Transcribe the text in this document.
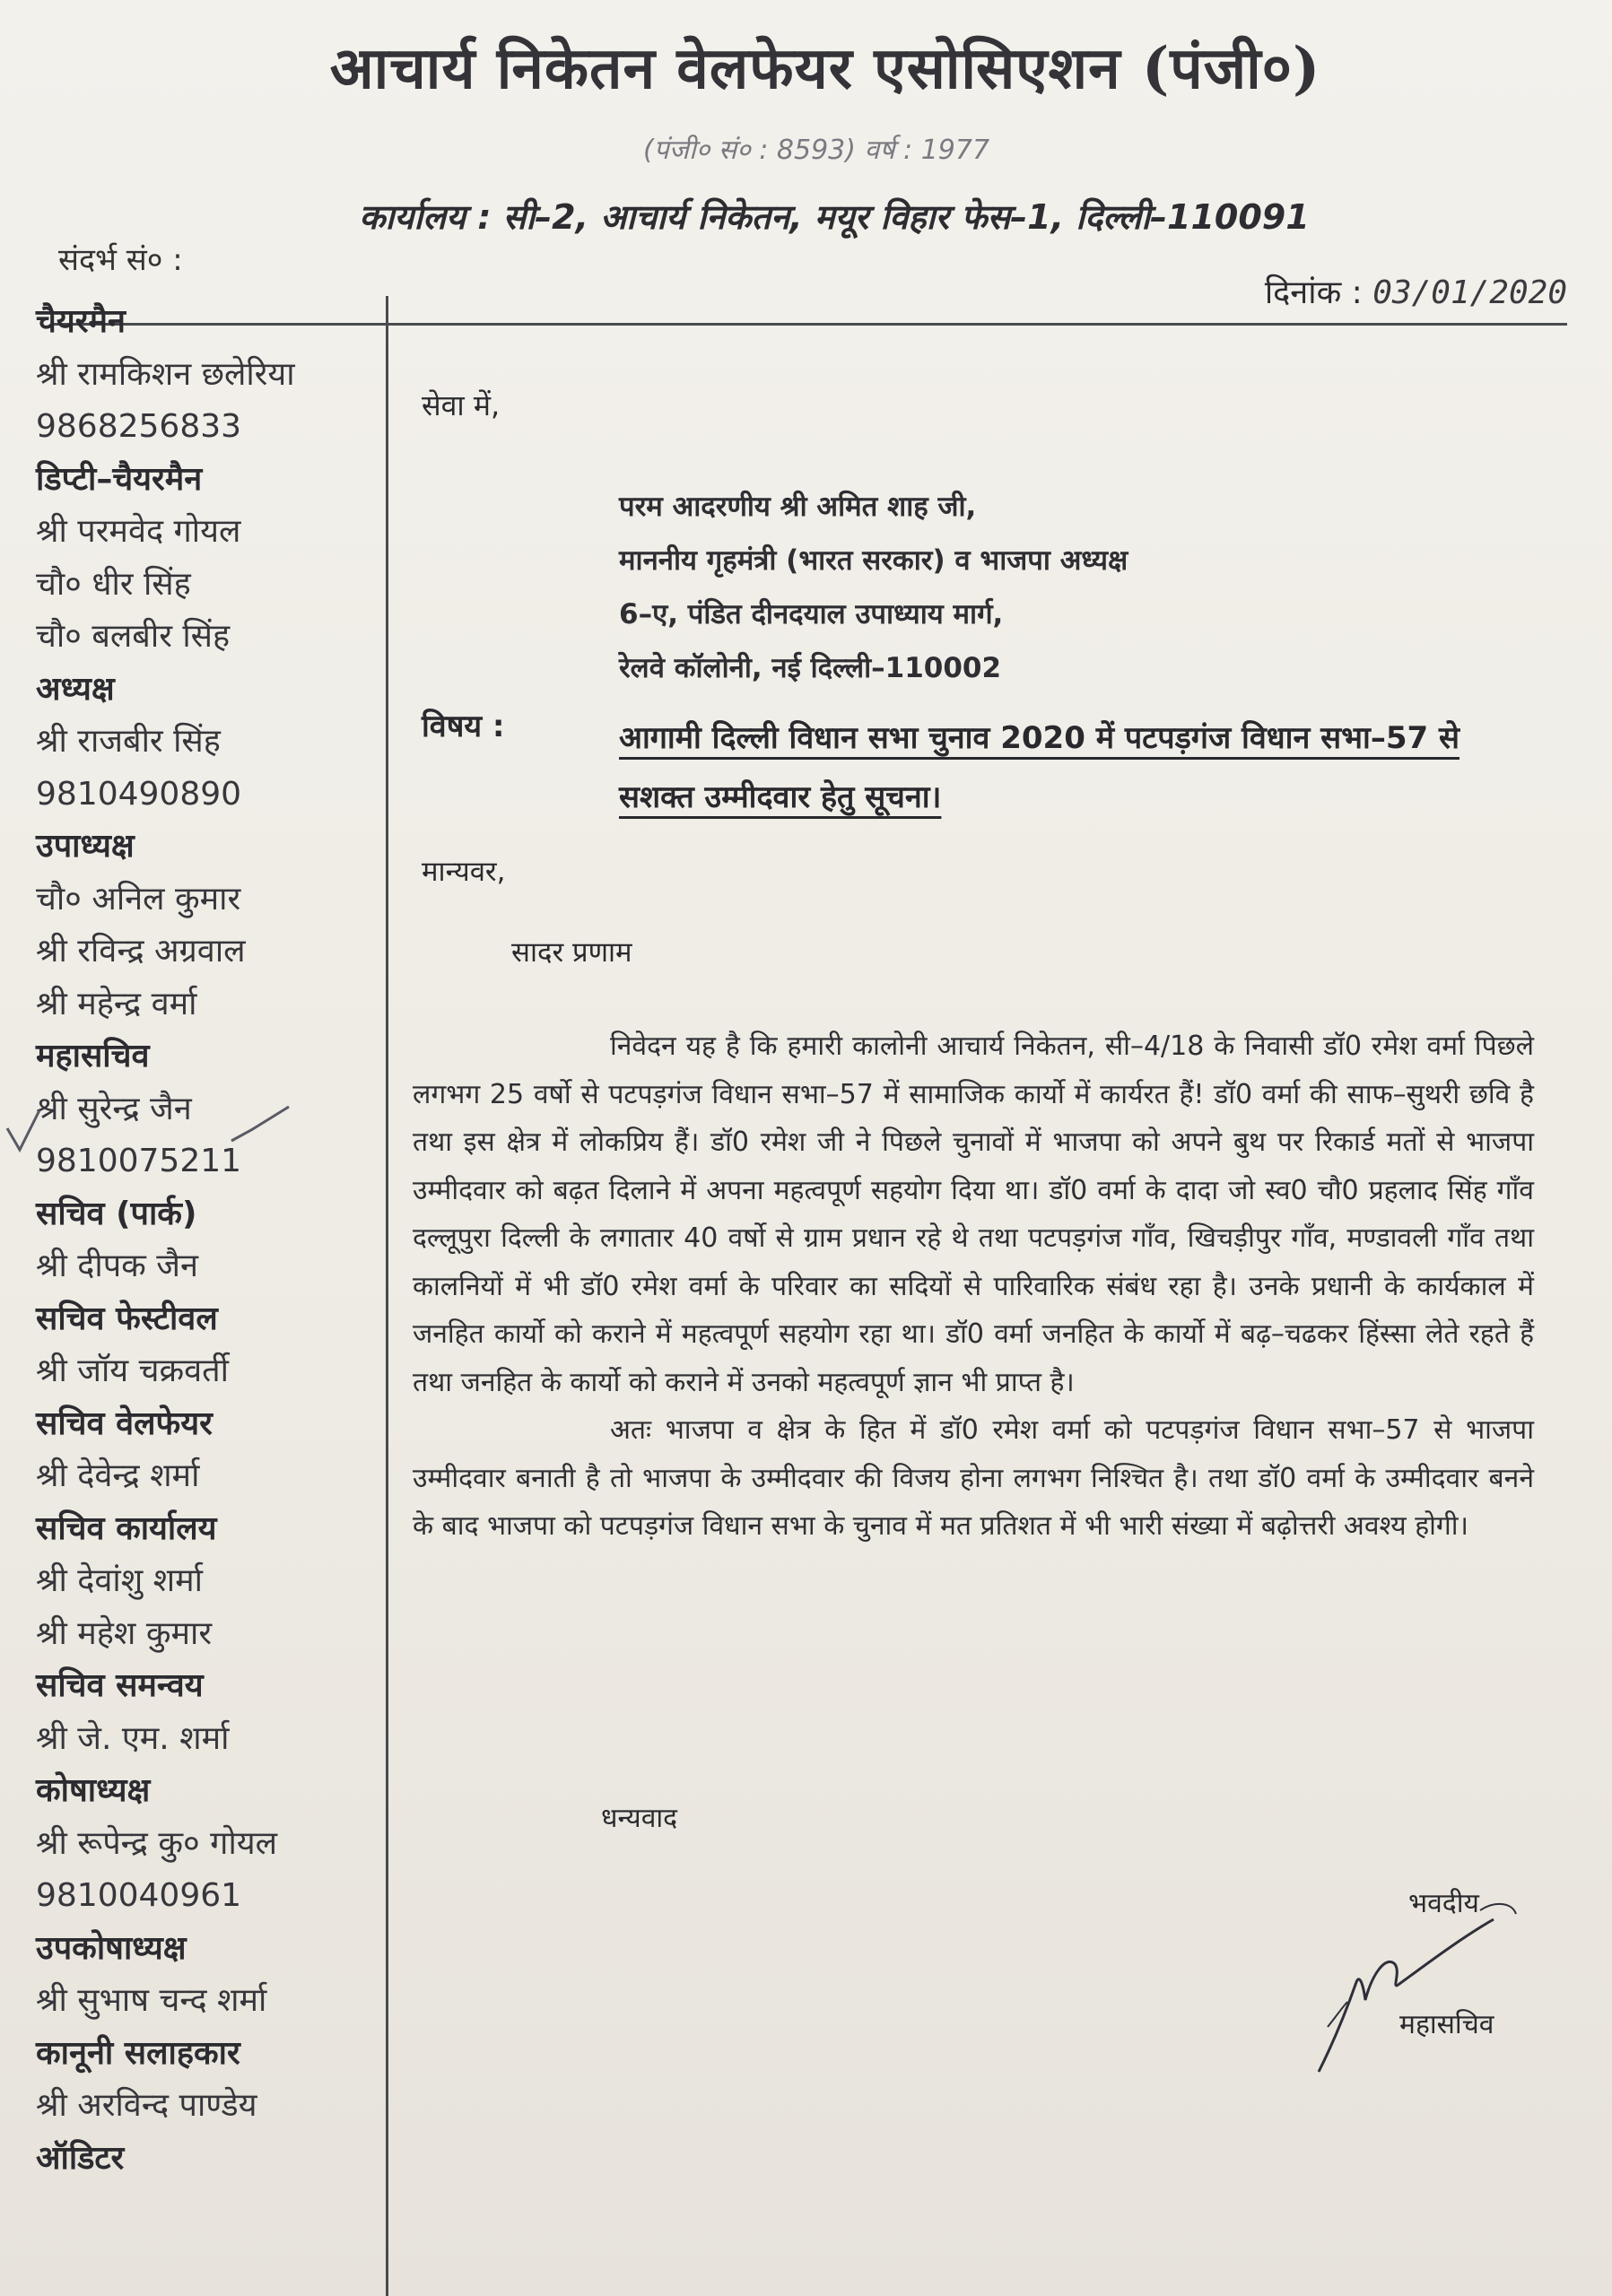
आचार्य निकेतन वेलफेयर एसोसिएशन (पंजी०)
(पंजी० सं० : 8593) वर्ष : 1977
कार्यालय : सी–2, आचार्य निकेतन, मयूर विहार फेस–1, दिल्ली–110091
संदर्भ सं० :
दिनांक : 03/01/2020
चैयरमैन
श्री रामकिशन छलेरिया
9868256833
डिप्टी–चैयरमैन
श्री परमवेद गोयल
चौ० धीर सिंह
चौ० बलबीर सिंह
अध्यक्ष
श्री राजबीर सिंह
9810490890
उपाध्यक्ष
चौ० अनिल कुमार
श्री रविन्द्र अग्रवाल
श्री महेन्द्र वर्मा
महासचिव
श्री सुरेन्द्र जैन
9810075211
सचिव (पार्क)
श्री दीपक जैन
सचिव फेस्टीवल
श्री जॉय चक्रवर्ती
सचिव वेलफेयर
श्री देवेन्द्र शर्मा
सचिव कार्यालय
श्री देवांशु शर्मा
श्री महेश कुमार
सचिव समन्वय
श्री जे. एम. शर्मा
कोषाध्यक्ष
श्री रूपेन्द्र कु० गोयल
9810040961
उपकोषाध्यक्ष
श्री सुभाष चन्द शर्मा
कानूनी सलाहकार
श्री अरविन्द पाण्डेय
ऑडिटर
सेवा में,
परम आदरणीय श्री अमित शाह जी,
माननीय गृहमंत्री (भारत सरकार) व भाजपा अध्यक्ष
6–ए, पंडित दीनदयाल उपाध्याय मार्ग,
रेलवे कॉलोनी, नई दिल्ली–110002
विषय :	आगामी दिल्ली विधान सभा चुनाव 2020 में पटपड़गंज विधान सभा–57 से सशक्त उम्मीदवार हेतु सूचना।
मान्यवर,
सादर प्रणाम

निवेदन यह है कि हमारी कालोनी आचार्य निकेतन, सी–4/18 के निवासी डॉ0 रमेश वर्मा पिछले लगभग 25 वर्षो से पटपड़गंज विधान सभा–57 में सामाजिक कार्यो में कार्यरत हैं! डॉ0 वर्मा की साफ–सुथरी छवि है तथा इस क्षेत्र में लोकप्रिय हैं। डॉ0 रमेश जी ने पिछले चुनावों में भाजपा को अपने बुथ पर रिकार्ड मतों से भाजपा उम्मीदवार को बढ़त दिलाने में अपना महत्वपूर्ण सहयोग दिया था। डॉ0 वर्मा के दादा जो स्व0 चौ0 प्रहलाद सिंह गाँव दल्लूपुरा दिल्ली के लगातार 40 वर्षो से ग्राम प्रधान रहे थे तथा पटपड़गंज गाँव, खिचड़ीपुर गाँव, मण्डावली गाँव तथा कालनियों में भी डॉ0 रमेश वर्मा के परिवार का सदियों से पारिवारिक संबंध रहा है। उनके प्रधानी के कार्यकाल में जनहित कार्यो को कराने में महत्वपूर्ण सहयोग रहा था। डॉ0 वर्मा जनहित के कार्यो में बढ़–चढकर हिंस्सा लेते रहते हैं तथा जनहित के कार्यो को कराने में उनको महत्वपूर्ण ज्ञान भी प्राप्त है।

अतः भाजपा व क्षेत्र के हित में डॉ0 रमेश वर्मा को पटपड़गंज विधान सभा–57 से भाजपा उम्मीदवार बनाती है तो भाजपा के उम्मीदवार की विजय होना लगभग निश्चित है। तथा डॉ0 वर्मा के उम्मीदवार बनने के बाद भाजपा को पटपड़गंज विधान सभा के चुनाव में मत प्रतिशत में भी भारी संख्या में बढ़ोत्तरी अवश्य होगी।

धन्यवाद
भवदीय
महासचिव
